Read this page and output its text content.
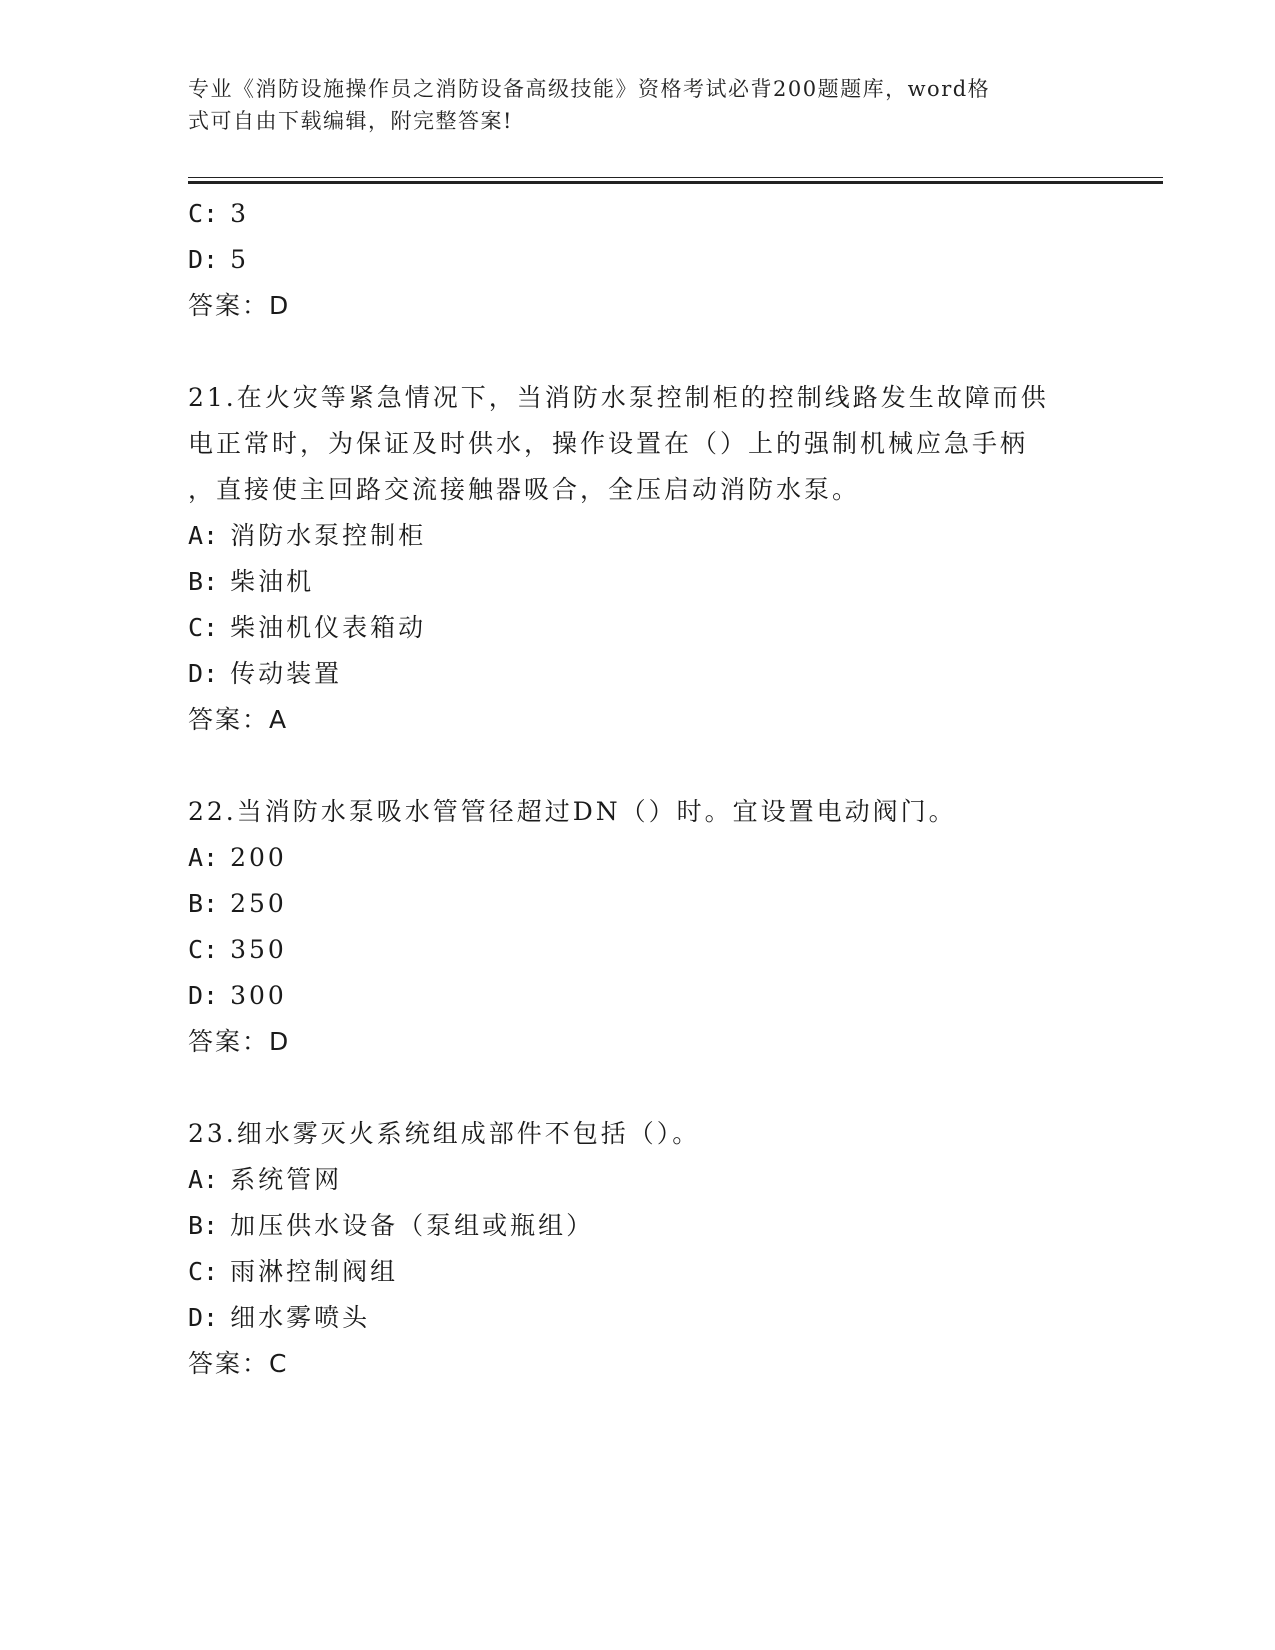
专业《消防设施操作员之消防设备高级技能》资格考试必背200题题库，word格
式可自由下载编辑，附完整答案!
C: 3
D: 5
答案：D
21.在火灾等紧急情况下，当消防水泵控制柜的控制线路发生故障而供
电正常时，为保证及时供水，操作设置在（）上的强制机械应急手柄
，直接使主回路交流接触器吸合，全压启动消防水泵。
A: 消防水泵控制柜
B: 柴油机
C: 柴油机仪表箱动
D: 传动装置
答案：A
22.当消防水泵吸水管管径超过DN（）时。宜设置电动阀门。
A: 200
B: 250
C: 350
D: 300
答案：D
23.细水雾灭火系统组成部件不包括（）。
A: 系统管网
B: 加压供水设备（泵组或瓶组）
C: 雨淋控制阀组
D: 细水雾喷头
答案：C
